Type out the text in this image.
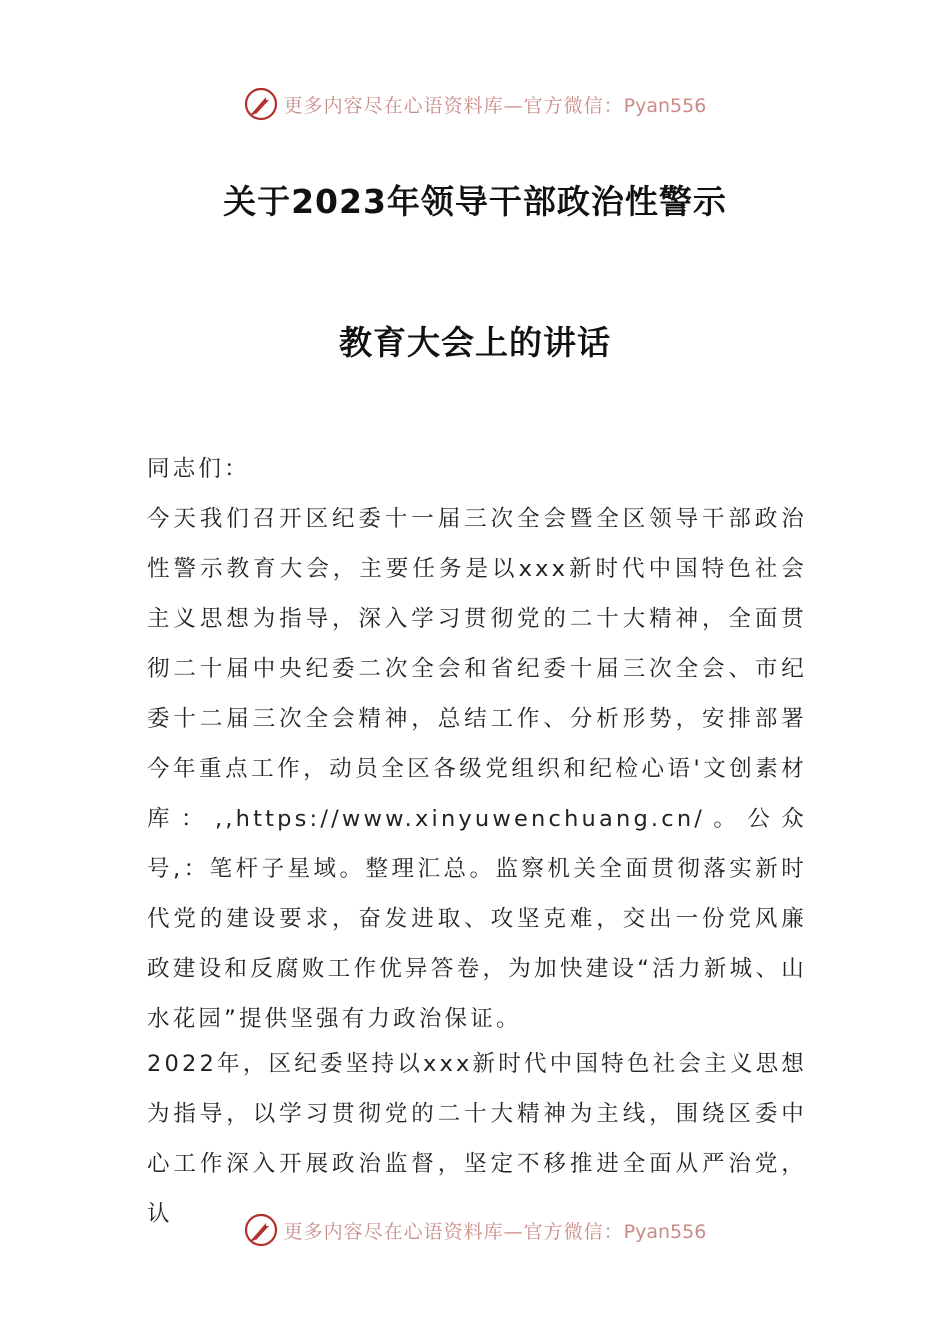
更多内容尽在心语资料库—官方微信：Pyan556
关于2023年领导干部政治性警示
教育大会上的讲话
同志们：
今天我们召开区纪委十一届三次全会暨全区领导干部政治性警示教育大会，主要任务是以xxx新时代中国特色社会主义思想为指导，深入学习贯彻党的二十大精神，全面贯彻二十届中央纪委二次全会和省纪委十届三次全会、市纪委十二届三次全会精神，总结工作、分析形势，安排部署今年重点工作，动员全区各级党组织和纪检心语'文创素材库：,,https://www.xinyuwenchuang.cn/。公众号,：笔杆子星域。整理汇总。监察机关全面贯彻落实新时代党的建设要求，奋发进取、攻坚克难，交出一份党风廉政建设和反腐败工作优异答卷，为加快建设“活力新城、山水花园”提供坚强有力政治保证。
2022年，区纪委坚持以xxx新时代中国特色社会主义思想为指导，以学习贯彻党的二十大精神为主线，围绕区委中心工作深入开展政治监督，坚定不移推进全面从严治党，认
更多内容尽在心语资料库—官方微信：Pyan556
